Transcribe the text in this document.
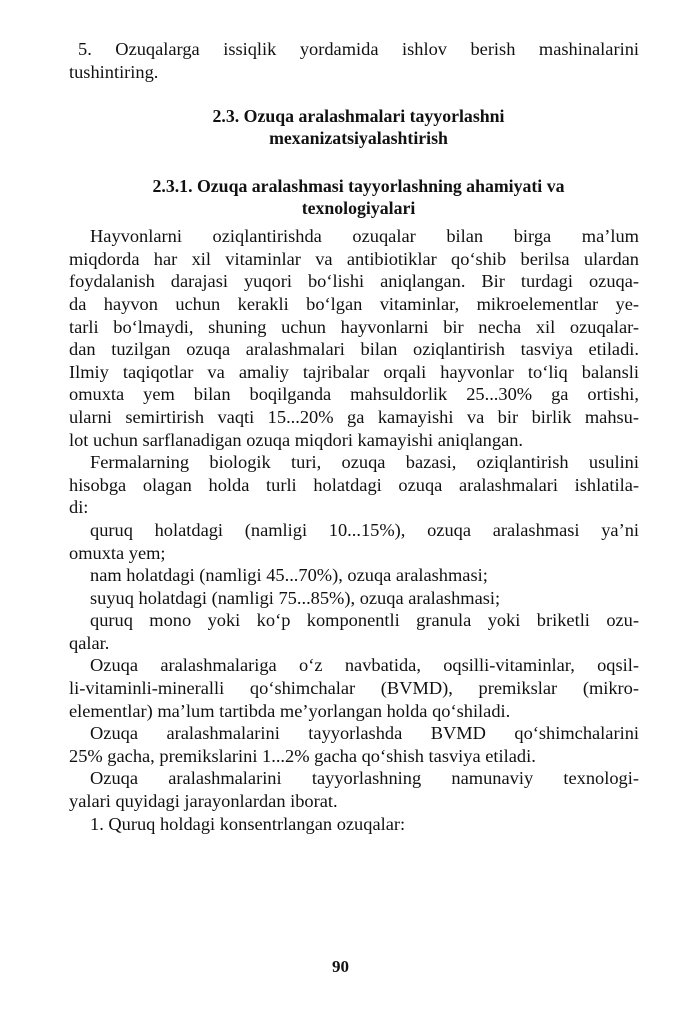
5. Ozuqalarga issiqlik yordamida ishlov berish mashinalarini
tushintiring.

2.3. Ozuqa aralashmalari tayyorlashni
mexanizatsiyalashtirish
2.3.1. Ozuqa aralashmasi tayyorlashning ahamiyati va
texnologiyalari

Hayvonlarni oziqlantirishda ozuqalar bilan birga ma’lum
miqdorda har xil vitaminlar va antibiotiklar qo‘shib berilsa ulardan
foydalanish darajasi yuqori bo‘lishi aniqlangan. Bir turdagi ozuqa-
da hayvon uchun kerakli bo‘lgan vitaminlar, mikroelementlar ye-
tarli bo‘lmaydi, shuning uchun hayvonlarni bir necha xil ozuqalar-
dan tuzilgan ozuqa aralashmalari bilan oziqlantirish tasviya etiladi.
Ilmiy taqiqotlar va amaliy tajribalar orqali hayvonlar to‘liq balansli
omuxta yem bilan boqilganda mahsuldorlik 25...30% ga ortishi,
ularni semirtirish vaqti 15...20% ga kamayishi va bir birlik mahsu-
lot uchun sarflanadigan ozuqa miqdori kamayishi aniqlangan.

Fermalarning biologik turi, ozuqa bazasi, oziqlantirish usulini
hisobga olagan holda turli holatdagi ozuqa aralashmalari ishlatila-
di:

quruq holatdagi (namligi 10...15%), ozuqa aralashmasi ya’ni
omuxta yem;

nam holatdagi (namligi 45...70%), ozuqa aralashmasi;

suyuq holatdagi (namligi 75...85%), ozuqa aralashmasi;

quruq mono yoki ko‘p komponentli granula yoki briketli ozu-
qalar.

Ozuqa aralashmalariga o‘z navbatida, oqsilli-vitaminlar, oqsil-
li-vitaminli-mineralli qo‘shimchalar (BVMD), premikslar (mikro-
elementlar) ma’lum tartibda me’yorlangan holda qo‘shiladi.

Ozuqa aralashmalarini tayyorlashda BVMD qo‘shimchalarini
25% gacha, premikslarini 1...2% gacha qo‘shish tasviya etiladi.

Ozuqa aralashmalarini tayyorlashning namunaviy texnologi-
yalari quyidagi jarayonlardan iborat.

1. Quruq holdagi konsentrlangan ozuqalar:

90
